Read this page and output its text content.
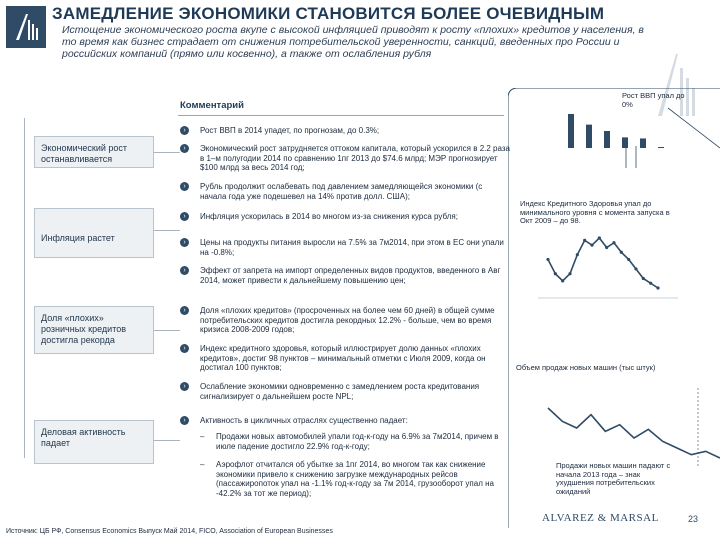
ЗАМЕДЛЕНИЕ ЭКОНОМИКИ СТАНОВИТСЯ БОЛЕЕ ОЧЕВИДНЫМ
Истощение экономического роста вкупе с высокой инфляцией приводят к росту «плохих» кредитов у населения, в то время как бизнес страдает от снижения потребительской уверенности, санкций, введенных про России и российских компаний (прямо или косвенно), а также от ослабления рубля
Комментарий
Экономический рост останавливается
Инфляция растет
Доля «плохих» розничных кредитов достигла рекорда
Деловая активность падает
›	Рост ВВП в 2014 упадет, по прогнозам, до 0.3%;
›	Экономический рост затрудняется оттоком капитала, который ускорился в 2.2 раза в 1–м полугодии 2014 по сравнению 1пг 2013 до $74.6 млрд; МЭР прогнозирует $100 млрд за весь 2014 год;
›	Рубль продолжит ослабевать под давлением замедляющейся экономики (с начала года уже подешевел на 14% против долл. США);
›	Инфляция ускорилась в 2014 во многом из-за снижения курса рубля;
›	Цены на продукты питания выросли на 7.5% за 7м2014, при этом в ЕС они упали на -0.8%;
›	Эффект от запрета на импорт определенных видов продуктов, введенного в Авг 2014, может привести к дальнейшему повышению цен;
›	Доля «плохих кредитов» (просроченных на более чем 60 дней) в общей сумме потребительских кредитов достигла рекордных 12.2% - больше, чем во время кризиса 2008-2009 годов;
›	Индекс кредитного здоровья, который иллюстрирует долю данных «плохих кредитов», достиг 98 пунктов – минимальный отметки с Июля 2009, когда он достигал 100 пунктов;
›	Ослабление экономики одновременно с замедлением роста кредитования сигнализирует о дальнейшем росте NPL;
›	Активность в цикличных отраслях существенно падает:
– Продажи новых автомобилей упали год-к-году на 6.9% за 7м2014, причем в июле падение достигло 22.9% год-к-году;
– Аэрофлот отчитался об убытке за 1пг 2014, во многом так как снижение экономики привело к снижению загрузке международных рейсов (пассажиропоток упал на -1.1% год-к-году за 7м 2014, грузооборот упал на -42.2% за тот же период);
Рост ВВП упал до 0%
Индекс Кредитного Здоровья упал до минимального уровня с момента запуска в Окт 2009 – до 98.
Объем продаж новых машин (тыс штук)
Продажи новых машин падают с начала 2013 года – знак ухудшения потребительских ожиданий
Источник: ЦБ РФ, Consensus Economics Выпуск Май 2014, FICO, Association of European Businesses
ALVAREZ & MARSAL	23
